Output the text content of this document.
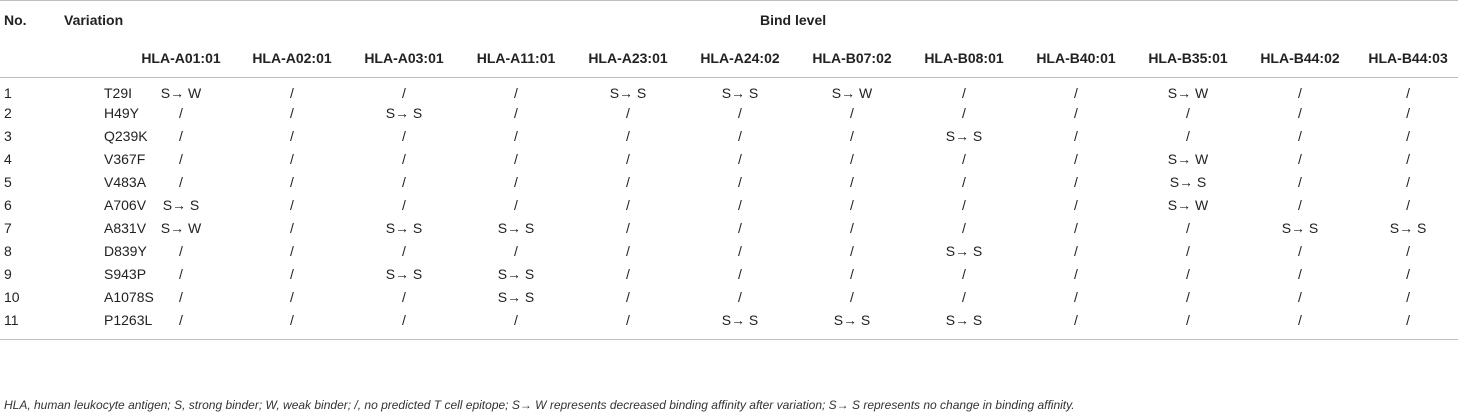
No.	Variation	Bind level											
		HLA-A01:01	HLA-A02:01	HLA-A03:01	HLA-A11:01	HLA-A23:01	HLA-A24:02	HLA-B07:02	HLA-B08:01	HLA-B40:01	HLA-B35:01	HLA-B44:02	HLA-B44:03
1	T29I	S→ W	/	/	/	S→ S	S→ S	S→ W	/	/	S→ W	/	/
2	H49Y	/	/	S→ S	/	/	/	/	/	/	/	/	/
3	Q239K	/	/	/	/	/	/	/	S→ S	/	/	/	/
4	V367F	/	/	/	/	/	/	/	/	/	S→ W	/	/
5	V483A	/	/	/	/	/	/	/	/	/	S→ S	/	/
6	A706V	S→ S	/	/	/	/	/	/	/	/	S→ W	/	/
7	A831V	S→ W	/	S→ S	S→ S	/	/	/	/	/	/	S→ S	S→ S
8	D839Y	/	/	/	/	/	/	/	S→ S	/	/	/	/
9	S943P	/	/	S→ S	S→ S	/	/	/	/	/	/	/	/
10	A1078S	/	/	/	S→ S	/	/	/	/	/	/	/	/
11	P1263L	/	/	/	/	/	S→ S	S→ S	S→ S	/	/	/	/
HLA, human leukocyte antigen; S, strong binder; W, weak binder; /, no predicted T cell epitope; S→ W represents decreased binding affinity after variation; S→ S represents no change in binding affinity.
